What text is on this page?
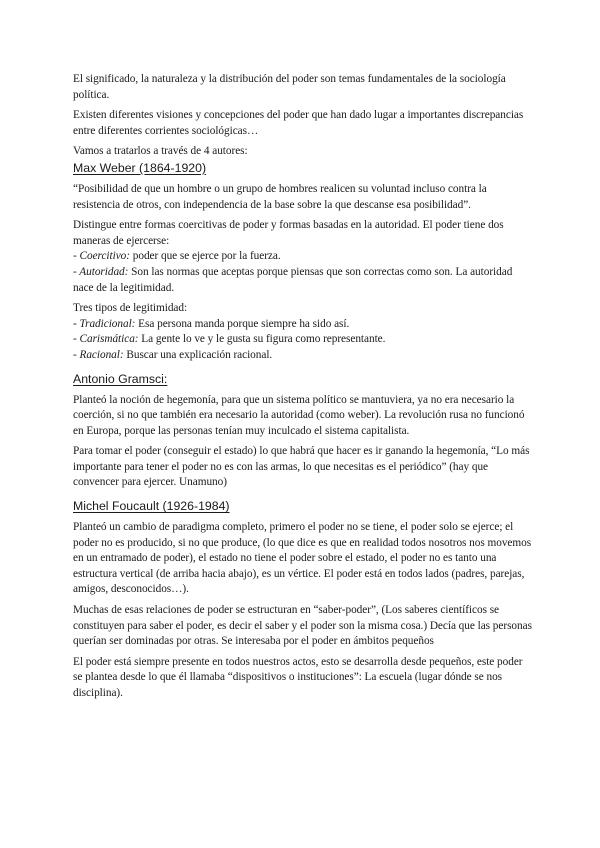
El significado, la naturaleza y la distribución del poder son temas fundamentales de la sociología política.

Existen diferentes visiones y concepciones del poder que han dado lugar a importantes discrepancias entre diferentes corrientes sociológicas…

Vamos a tratarlos a través de 4 autores:

Max Weber (1864-1920)

“Posibilidad de que un hombre o un grupo de hombres realicen su voluntad incluso contra la resistencia de otros, con independencia de la base sobre la que descanse esa posibilidad”.

Distingue entre formas coercitivas de poder y formas basadas en la autoridad. El poder tiene dos maneras de ejercerse:

- Coercitivo: poder que se ejerce por la fuerza.

- Autoridad: Son las normas que aceptas porque piensas que son correctas como son. La autoridad nace de la legitimidad.

Tres tipos de legitimidad:

- Tradicional: Esa persona manda porque siempre ha sido así.

- Carismática: La gente lo ve y le gusta su figura como representante.

- Racional: Buscar una explicación racional.

Antonio Gramsci:

Planteó la noción de hegemonía, para que un sistema político se mantuviera, ya no era necesario la coerción, si no que también era necesario la autoridad (como weber). La revolución rusa no funcionó en Europa, porque las personas tenían muy inculcado el sistema capitalista.

Para tomar el poder (conseguir el estado) lo que habrá que hacer es ir ganando la hegemonía, “Lo más importante para tener el poder no es con las armas, lo que necesitas es el periódico” (hay que convencer para ejercer. Unamuno)

Michel Foucault (1926-1984)

Planteó un cambio de paradigma completo, primero el poder no se tiene, el poder solo se ejerce; el poder no es producido, si no que produce, (lo que dice es que en realidad todos nosotros nos movemos en un entramado de poder), el estado no tiene el poder sobre el estado, el poder no es tanto una estructura vertical (de arriba hacia abajo), es un vértice. El poder está en todos lados (padres, parejas, amigos, desconocidos…).

Muchas de esas relaciones de poder se estructuran en “saber-poder”, (Los saberes científicos se constituyen para saber el poder, es decir el saber y el poder son la misma cosa.) Decía que las personas querían ser dominadas por otras. Se interesaba por el poder en ámbitos pequeños

El poder está siempre presente en todos nuestros actos, esto se desarrolla desde pequeños, este poder se plantea desde lo que él llamaba “dispositivos o instituciones”: La escuela (lugar dónde se nos disciplina).
